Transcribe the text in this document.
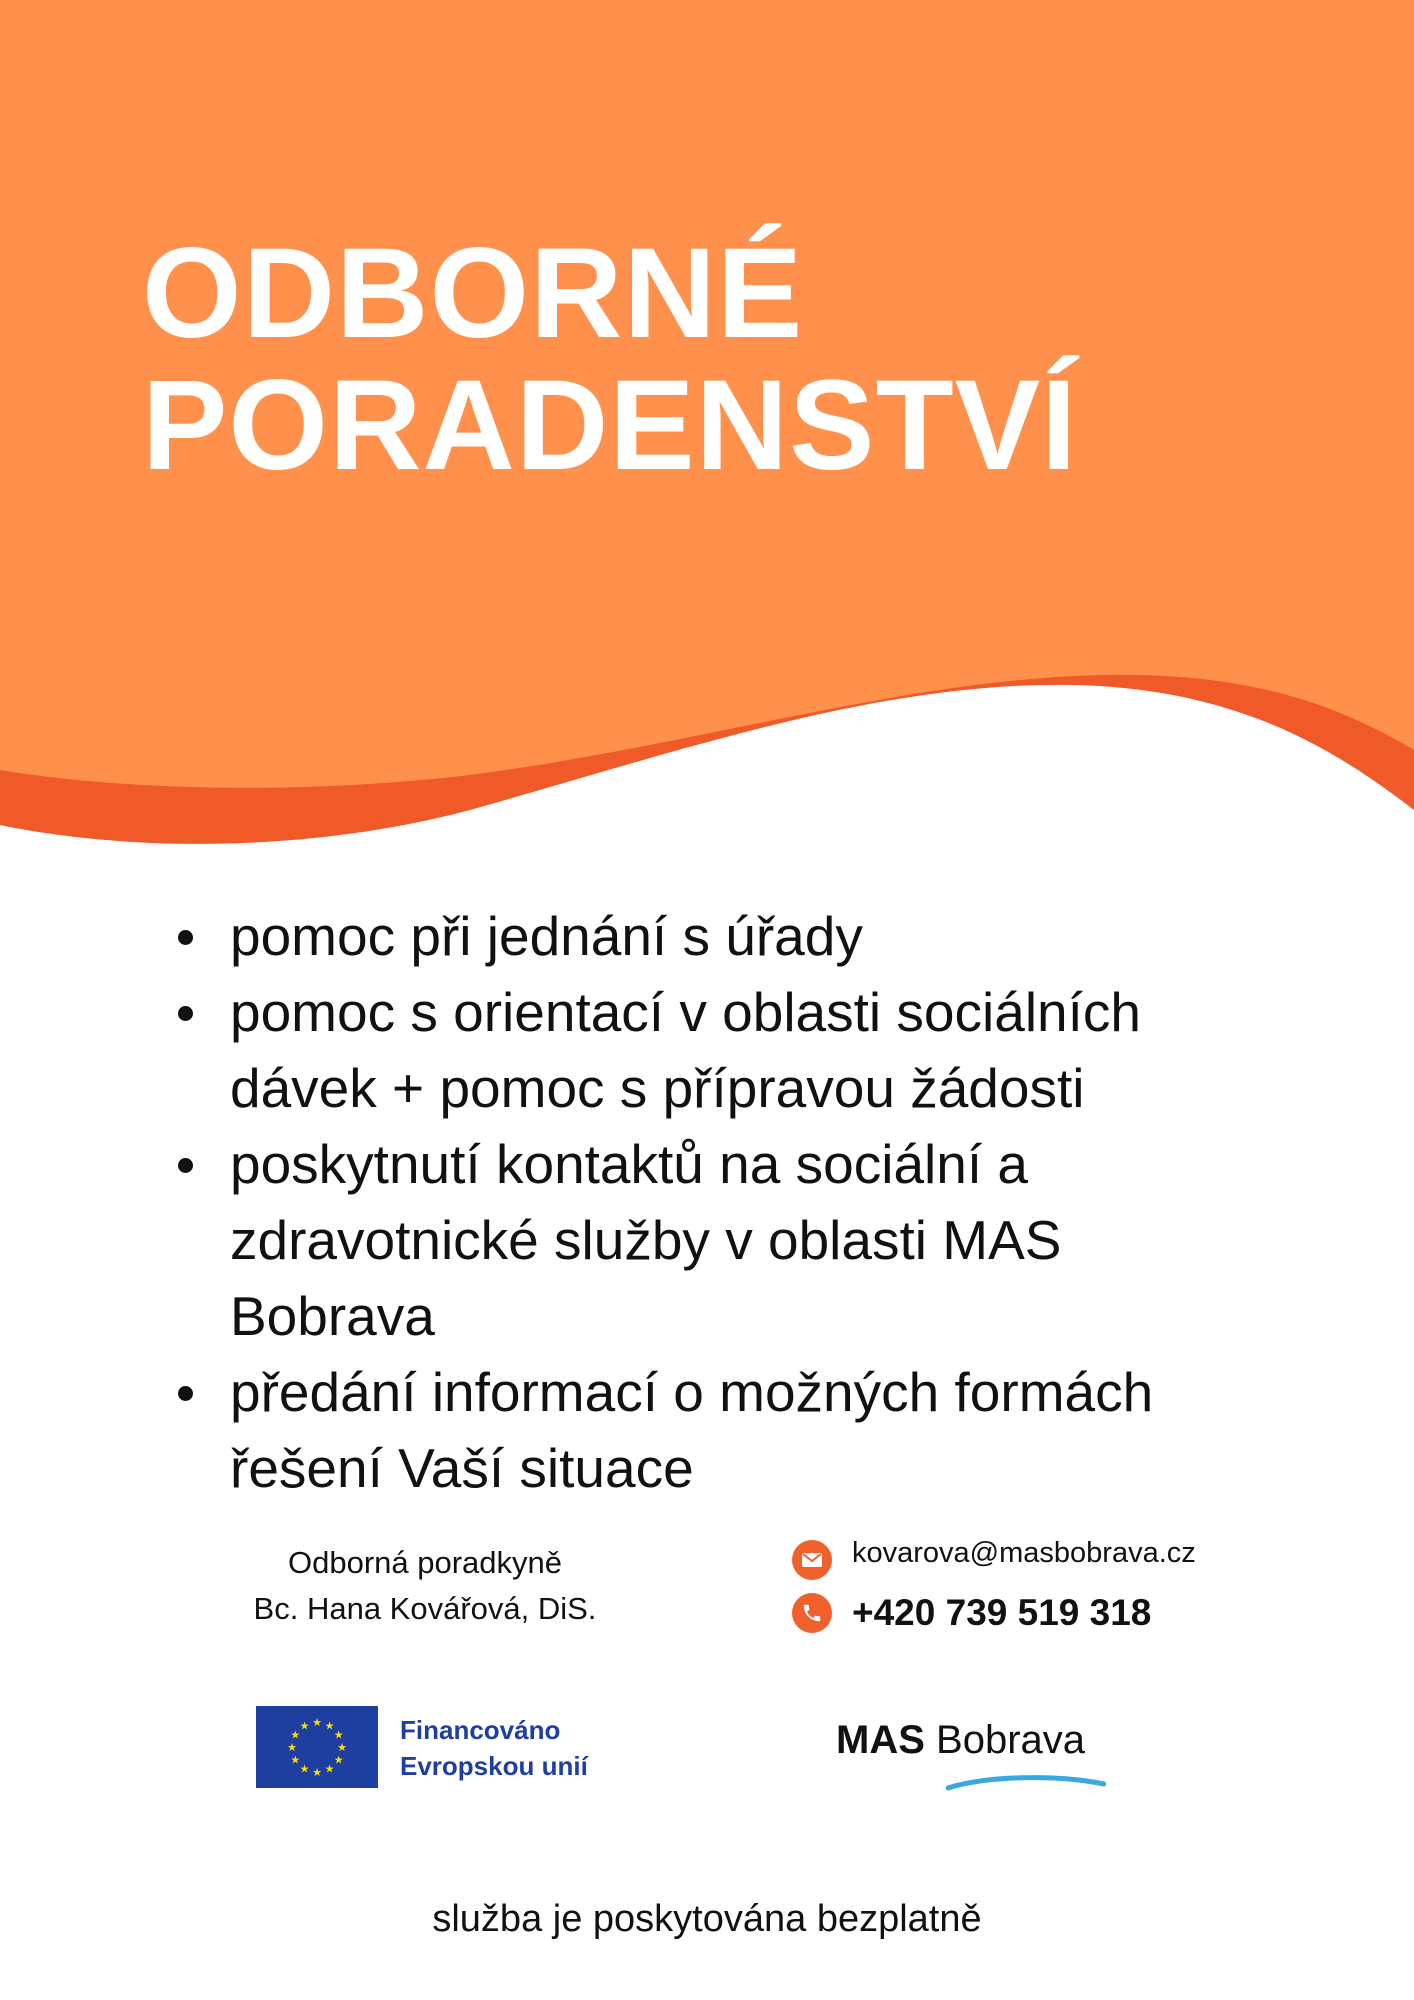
ODBORNÉ
PORADENSTVÍ
pomoc při jednání s úřady
pomoc s orientací v oblasti sociálních dávek + pomoc s přípravou žádosti
poskytnutí kontaktů na sociální a zdravotnické služby v oblasti MAS Bobrava
předání informací o možných formách řešení Vaší situace
Odborná poradkyně
Bc. Hana Kovářová, DiS.
kovarova@masbobrava.cz
+420 739 519 318
★ ★
★
★
★
★
★
★
★
★
★
★	Financováno
Evropskou unií
MAS Bobrava
služba je poskytována bezplatně
